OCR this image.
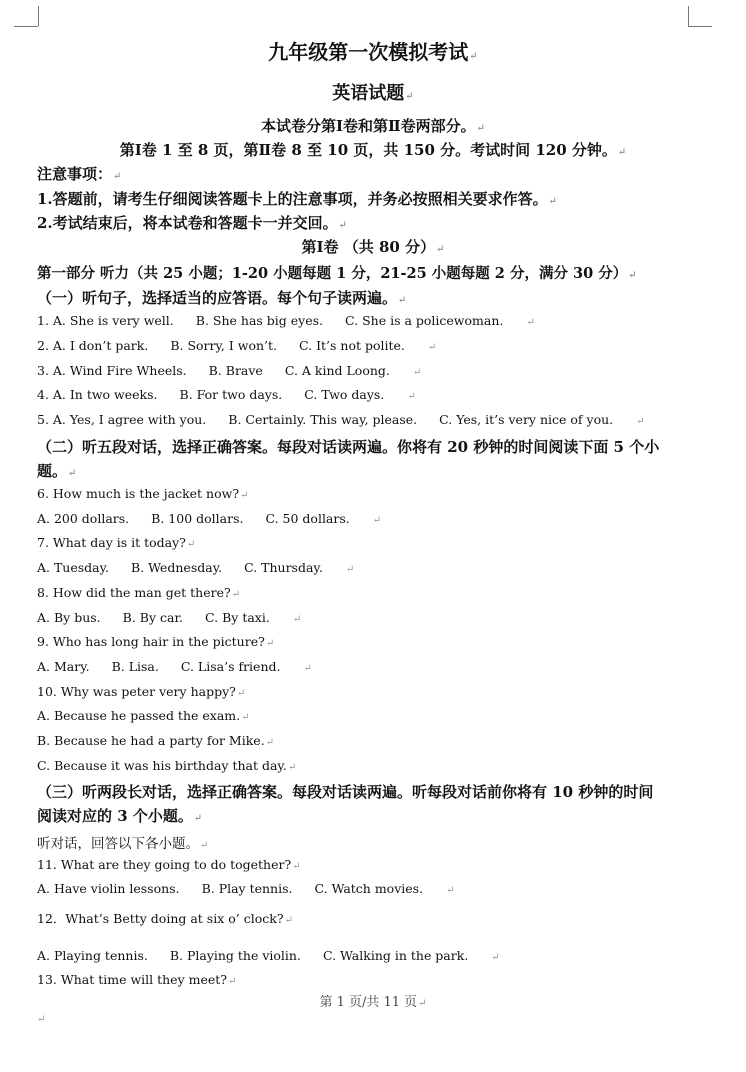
九年级第一次模拟考试↵
英语试题↵
本试卷分第Ⅰ卷和第Ⅱ卷两部分。↵
第Ⅰ卷 1 至 8 页，第Ⅱ卷 8 至 10 页，共 150 分。考试时间 120 分钟。↵
注意事项：↵
1.答题前，请考生仔细阅读答题卡上的注意事项，并务必按照相关要求作答。↵
2.考试结束后，将本试卷和答题卡一并交回。↵
第Ⅰ卷 （共 80 分）↵
第一部分 听力（共 25 小题；1-20 小题每题 1 分，21-25 小题每题 2 分，满分 30 分）↵
（一）听句子，选择适当的应答语。每个句子读两遍。↵
1. A. She is very well. B. She has big eyes. C. She is a policewoman. ↵
2. A. I don’t park. B. Sorry, I won’t. C. It’s not polite. ↵
3. A. Wind Fire Wheels. B. Brave C. A kind Loong. ↵
4. A. In two weeks. B. For two days. C. Two days. ↵
5. A. Yes, I agree with you. B. Certainly. This way, please. C. Yes, it’s very nice of you. ↵
（二）听五段对话，选择正确答案。每段对话读两遍。你将有 20 秒钟的时间阅读下面 5 个小
题。↵
6. How much is the jacket now?↵
A. 200 dollars. B. 100 dollars. C. 50 dollars. ↵
7. What day is it today?↵
A. Tuesday. B. Wednesday. C. Thursday. ↵
8. How did the man get there?↵
A. By bus. B. By car. C. By taxi. ↵
9. Who has long hair in the picture?↵
A. Mary. B. Lisa. C. Lisa’s friend. ↵
10. Why was peter very happy?↵
A. Because he passed the exam.↵
B. Because he had a party for Mike.↵
C. Because it was his birthday that day.↵
（三）听两段长对话，选择正确答案。每段对话读两遍。听每段对话前你将有 10 秒钟的时间
阅读对应的 3 个小题。↵
听对话，回答以下各小题。↵
11. What are they going to do together?↵
A. Have violin lessons. B. Play tennis. C. Watch movies. ↵
12．What’s Betty doing at six o’ clock?↵
A. Playing tennis. B. Playing the violin. C. Walking in the park. ↵
13. What time will they meet?↵
第 1 页/共 11 页↵
↵
